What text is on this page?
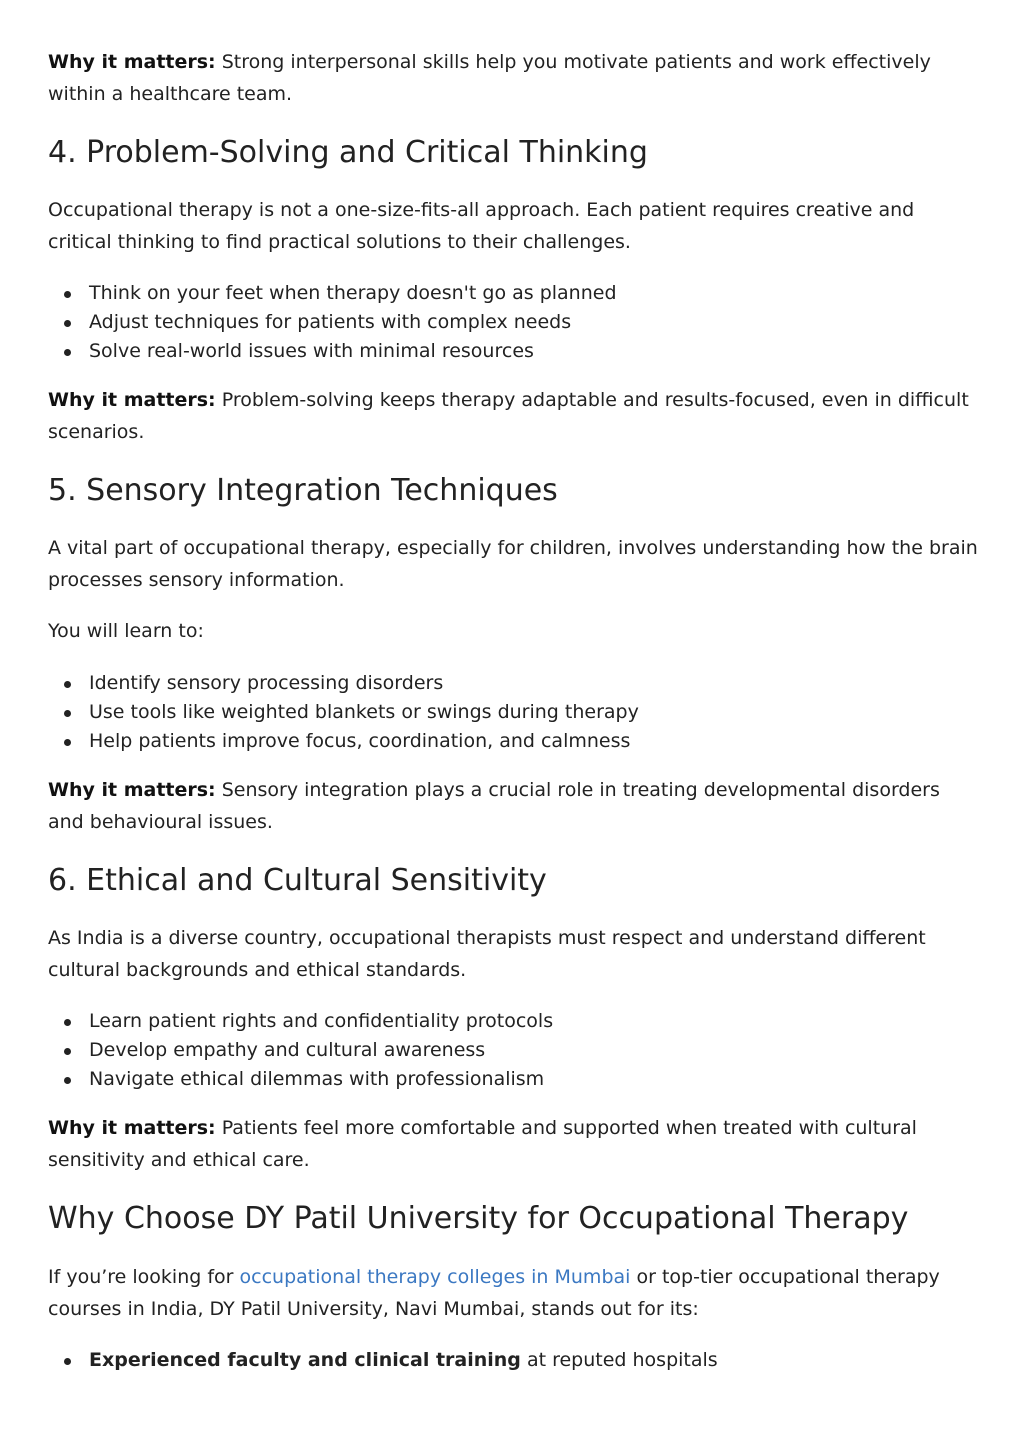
Why it matters: Strong interpersonal skills help you motivate patients and work effectively within a healthcare team.

4. Problem-Solving and Critical Thinking

Occupational therapy is not a one-size-fits-all approach. Each patient requires creative and critical thinking to find practical solutions to their challenges.

Think on your feet when therapy doesn't go as planned
Adjust techniques for patients with complex needs
Solve real-world issues with minimal resources

Why it matters: Problem-solving keeps therapy adaptable and results-focused, even in difficult scenarios.

5. Sensory Integration Techniques

A vital part of occupational therapy, especially for children, involves understanding how the brain processes sensory information.

You will learn to:

Identify sensory processing disorders
Use tools like weighted blankets or swings during therapy
Help patients improve focus, coordination, and calmness

Why it matters: Sensory integration plays a crucial role in treating developmental disorders and behavioural issues.

6. Ethical and Cultural Sensitivity

As India is a diverse country, occupational therapists must respect and understand different cultural backgrounds and ethical standards.

Learn patient rights and confidentiality protocols
Develop empathy and cultural awareness
Navigate ethical dilemmas with professionalism

Why it matters: Patients feel more comfortable and supported when treated with cultural sensitivity and ethical care.

Why Choose DY Patil University for Occupational Therapy

If you’re looking for occupational therapy colleges in Mumbai or top-tier occupational therapy courses in India, DY Patil University, Navi Mumbai, stands out for its:

Experienced faculty and clinical training at reputed hospitals
